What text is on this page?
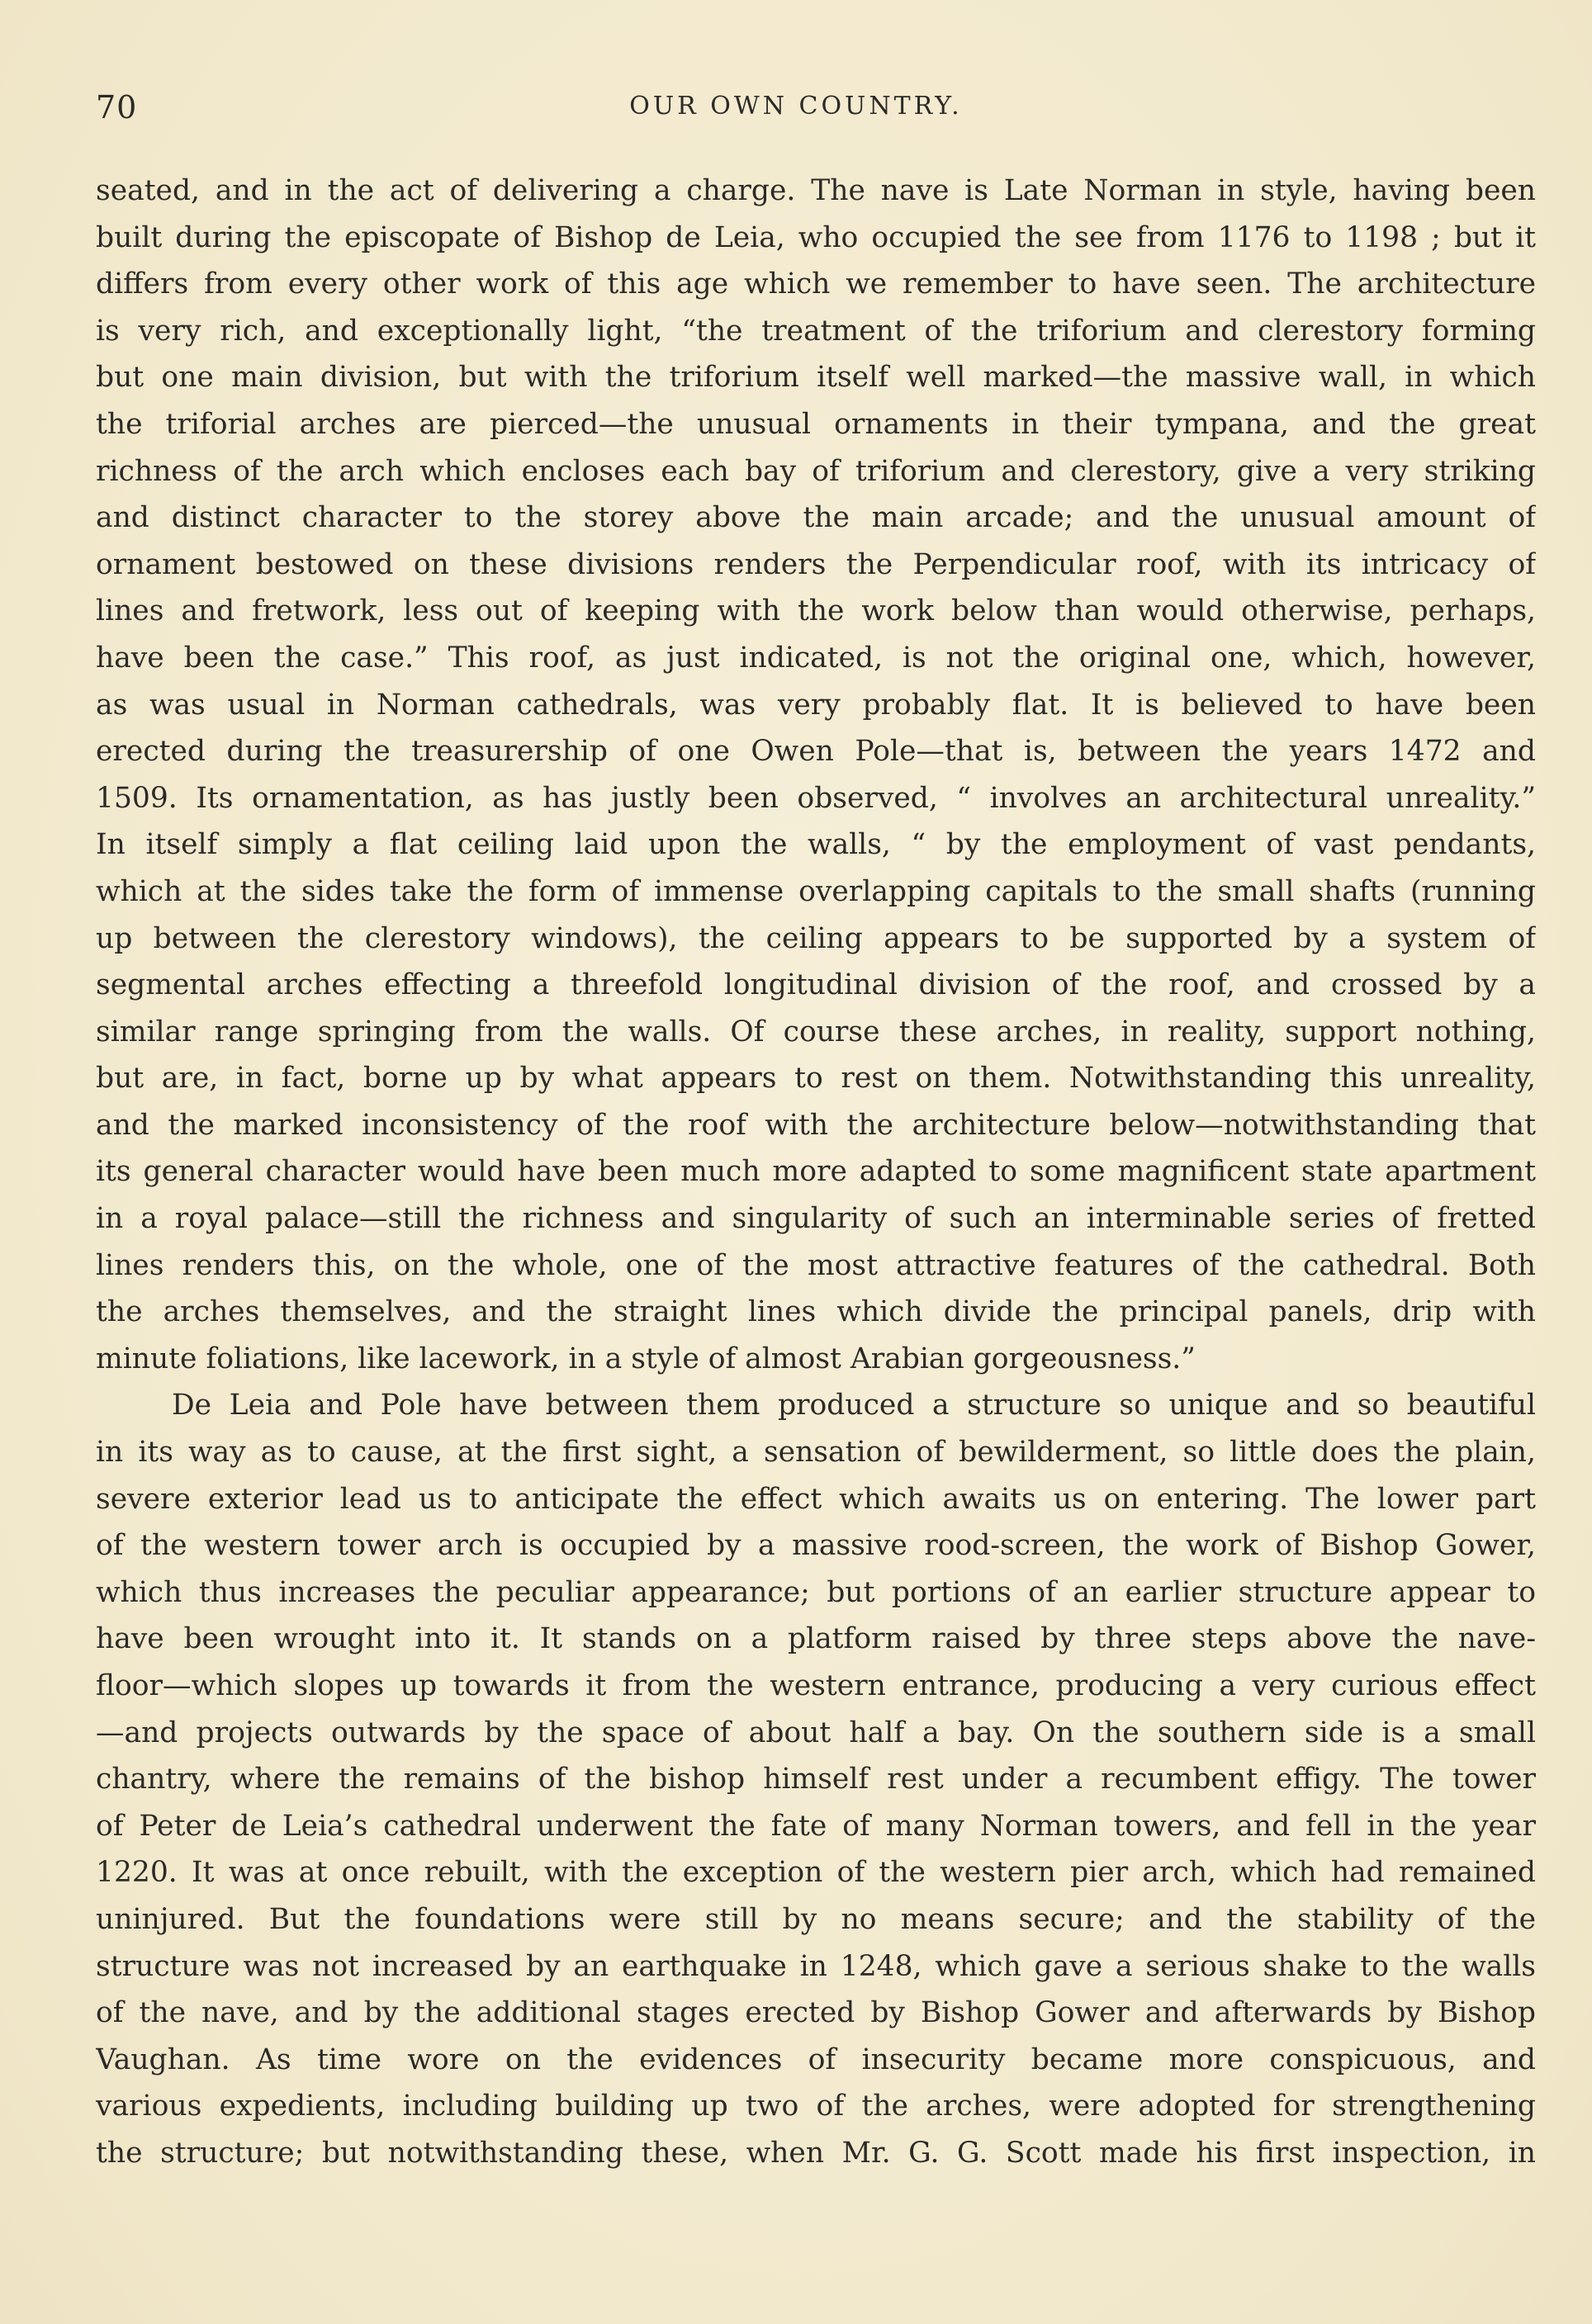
70	OUR OWN COUNTRY.
seated, and in the act of delivering a charge. The nave is Late Norman in style, having been
built during the episcopate of Bishop de Leia, who occupied the see from 1176 to 1198 ; but it
differs from every other work of this age which we remember to have seen. The architecture
is very rich, and exceptionally light, “the treatment of the triforium and clerestory forming
but one main division, but with the triforium itself well marked—the massive wall, in which
the triforial arches are pierced—the unusual ornaments in their tympana, and the great
richness of the arch which encloses each bay of triforium and clerestory, give a very striking
and distinct character to the storey above the main arcade; and the unusual amount of
ornament bestowed on these divisions renders the Perpendicular roof, with its intricacy of
lines and fretwork, less out of keeping with the work below than would otherwise, perhaps,
have been the case.” This roof, as just indicated, is not the original one, which, however,
as was usual in Norman cathedrals, was very probably flat. It is believed to have been
erected during the treasurership of one Owen Pole—that is, between the years 1472 and
1509. Its ornamentation, as has justly been observed, “ involves an architectural unreality.”
In itself simply a flat ceiling laid upon the walls, “ by the employment of vast pendants,
which at the sides take the form of immense overlapping capitals to the small shafts (running
up between the clerestory windows), the ceiling appears to be supported by a system of
segmental arches effecting a threefold longitudinal division of the roof, and crossed by a
similar range springing from the walls. Of course these arches, in reality, support nothing,
but are, in fact, borne up by what appears to rest on them. Notwithstanding this unreality,
and the marked inconsistency of the roof with the architecture below—notwithstanding that
its general character would have been much more adapted to some magnificent state apartment
in a royal palace—still the richness and singularity of such an interminable series of fretted
lines renders this, on the whole, one of the most attractive features of the cathedral. Both
the arches themselves, and the straight lines which divide the principal panels, drip with
minute foliations, like lacework, in a style of almost Arabian gorgeousness.”
De Leia and Pole have between them produced a structure so unique and so beautiful
in its way as to cause, at the first sight, a sensation of bewilderment, so little does the plain,
severe exterior lead us to anticipate the effect which awaits us on entering. The lower part
of the western tower arch is occupied by a massive rood-screen, the work of Bishop Gower,
which thus increases the peculiar appearance; but portions of an earlier structure appear to
have been wrought into it. It stands on a platform raised by three steps above the nave-
floor—which slopes up towards it from the western entrance, producing a very curious effect
—and projects outwards by the space of about half a bay. On the southern side is a small
chantry, where the remains of the bishop himself rest under a recumbent effigy. The tower
of Peter de Leia’s cathedral underwent the fate of many Norman towers, and fell in the year
1220. It was at once rebuilt, with the exception of the western pier arch, which had remained
uninjured. But the foundations were still by no means secure; and the stability of the
structure was not increased by an earthquake in 1248, which gave a serious shake to the walls
of the nave, and by the additional stages erected by Bishop Gower and afterwards by Bishop
Vaughan. As time wore on the evidences of insecurity became more conspicuous, and
various expedients, including building up two of the arches, were adopted for strengthening
the structure; but notwithstanding these, when Mr. G. G. Scott made his first inspection, in
